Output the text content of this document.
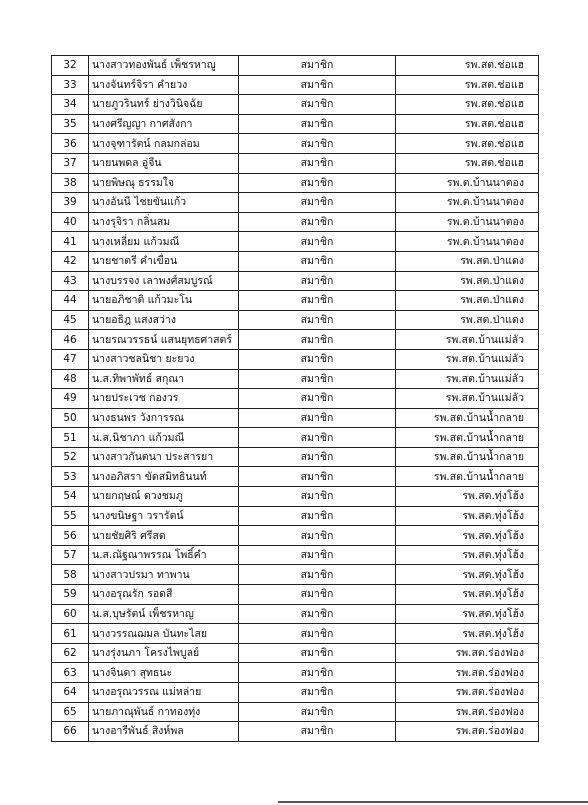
32	นางสาวทองพันธ์ เพ็ชรหาญู	สมาชิก	รพ.สต.ช่อแฮ
33	นางจันทร์จิรา คำยวง	สมาชิก	รพ.สต.ช่อแฮ
34	นายภูวรินทร์ ย่างวินิจฉัย	สมาชิก	รพ.สต.ช่อแฮ
35	นางศรีญญา กาศสังกา	สมาชิก	รพ.สต.ช่อแฮ
36	นางจุฑารัตน์ กลมกล่อม	สมาชิก	รพ.สต.ช่อแฮ
37	นายนพดล อู่จีน	สมาชิก	รพ.สต.ช่อแฮ
38	นายพิษณุ ธรรมใจ	สมาชิก	รพ.ต.บ้านนาตอง
39	นางอันนี ไชยขันแก้ว	สมาชิก	รพ.ต.บ้านนาตอง
40	นางรุจิรา กลิ่นสม	สมาชิก	รพ.ต.บ้านนาตอง
41	นางเหลี่ยม แก้วมณี	สมาชิก	รพ.ต.บ้านนาตอง
42	นายชาตรี คำเขื่อน	สมาชิก	รพ.สต.ป่าแดง
43	นางบรรจง เลาพงศ์สมบูรณ์	สมาชิก	รพ.สต.ป่าแดง
44	นายอภิชาติ แก้วมะโน	สมาชิก	รพ.สต.ป่าแดง
45	นายอธิฎ แสงสว่าง	สมาชิก	รพ.สต.ป่าแดง
46	นายรณวรรธน์ แสนยุทธศาสตร์	สมาชิก	รพ.สต.บ้านแม่ลัว
47	นางสาวชลนิชา ยะยวง	สมาชิก	รพ.สต.บ้านแม่ลัว
48	น.ส.ทิพาพัทธ์ สกุณา	สมาชิก	รพ.สต.บ้านแม่ลัว
49	นายประเวช กองวร	สมาชิก	รพ.สต.บ้านแม่ลัว
50	นางธนพร วังการรณ	สมาชิก	รพ.สต.บ้านน้ำกลาย
51	น.ส.นิชาภา แก้วมณี	สมาชิก	รพ.สต.บ้านน้ำกลาย
52	นางสาวกันตนา ประสารยา	สมาชิก	รพ.สต.บ้านน้ำกลาย
53	นางอภิสรา ขัดสมิทธินนท์	สมาชิก	รพ.สต.บ้านน้ำกลาย
54	นายกฤษณ์ ดวงชมภู	สมาชิก	รพ.สต.ทุ่งโฮ้ง
55	นางขนิษฐา วรารัตน์	สมาชิก	รพ.สต.ทุ่งโฮ้ง
56	นายชัยศิริ ศรีสด	สมาชิก	รพ.สต.ทุ่งโฮ้ง
57	น.ส.ณัฐณาพรรณ โพธิ์คำ	สมาชิก	รพ.สต.ทุ่งโฮ้ง
58	นางสาวปรมา ทาพาน	สมาชิก	รพ.สต.ทุ่งโฮ้ง
59	นางอรุณรัก รอดสี	สมาชิก	รพ.สต.ทุ่งโฮ้ง
60	น.ส.บุษรัตน์ เพ็ชรหาญ	สมาชิก	รพ.สต.ทุ่งโฮ้ง
61	นางวรรณฌมล บันทะไสย	สมาชิก	รพ.สต.ทุ่งโฮ้ง
62	นางรุ่งนภา โครงไพบูลย์	สมาชิก	รพ.สต.ร่องฟอง
63	นางจินดา สุทธนะ	สมาชิก	รพ.สต.ร่องฟอง
64	นางอรุณวรรณ แม่หล่าย	สมาชิก	รพ.สต.ร่องฟอง
65	นายภาณุพันธ์ กาทองทุ่ง	สมาชิก	รพ.สต.ร่องฟอง
66	นางอารีพันธ์ สิงห์พล	สมาชิก	รพ.สต.ร่องฟอง
